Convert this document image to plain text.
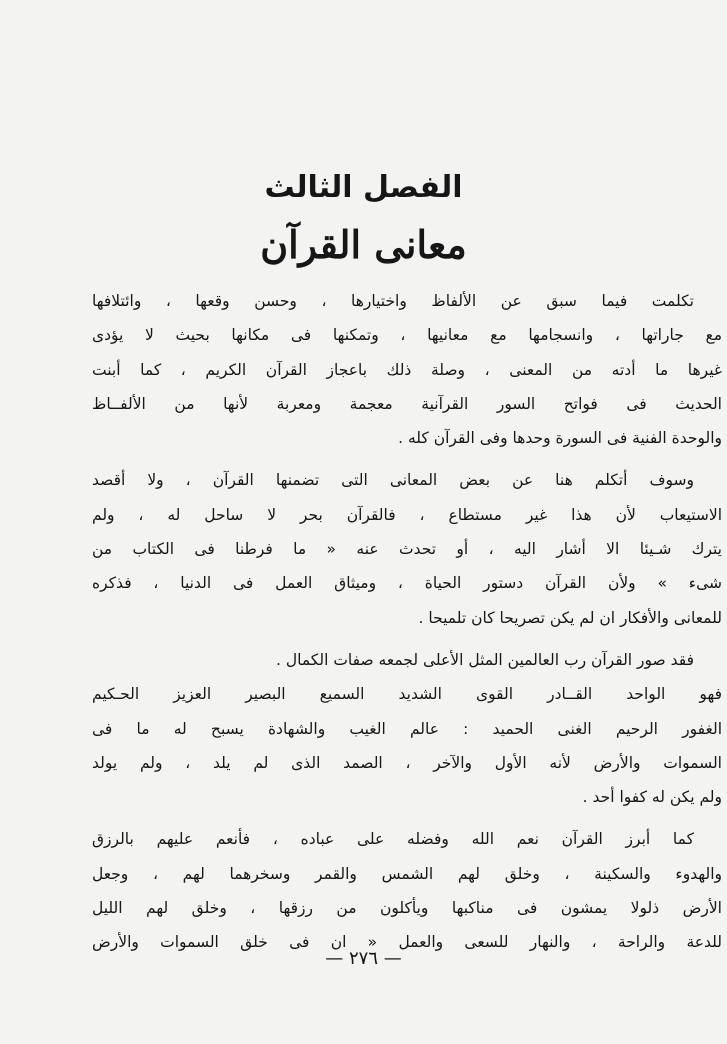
الفصل الثالث
معانى القرآن
تكلمت فيما سبق عن الألفاظ واختيارها ، وحسن وقعها ، وائتلافها
مع جاراتها ، وانسجامها مع معانيها ، وتمكنها فى مكانها بحيث لا يؤدى
غيرها ما أدته من المعنى ، وصلة ذلك باعجاز القرآن الكريم ، كما أبنت
الحديث فى فواتح السور القرآنية معجمة ومعربة لأنها من الألفــاظ
والوحدة الفنية فى السورة وحدها وفى القرآن كله .
وسوف أتكلم هنا عن بعض المعانى التى تضمنها القرآن ، ولا أقصد
الاستيعاب لأن هذا غير مستطاع ، فالقرآن بحر لا ساحل له ، ولم
يترك شـيئا الا أشار اليه ، أو تحدث عنه « ما فرطنا فى الكتاب من
شىء » ولأن القرآن دستور الحياة ، وميثاق العمل فى الدنيا ، فذكره
للمعانى والأفكار ان لم يكن تصريحا كان تلميحا .
فقد صور القرآن رب العالمين المثل الأعلى لجمعه صفات الكمال .
فهو الواحد القــادر القوى الشديد السميع البصير العزيز الحـكيم
الغفور الرحيم الغنى الحميد : عالم الغيب والشهادة يسبح له ما فى
السموات والأرض لأنه الأول والآخر ، الصمد الذى لم يلد ، ولم يولد
ولم يكن له كفوا أحد .
كما أبرز القرآن نعم الله وفضله على عباده ، فأنعم عليهم بالرزق
والهدوء والسكينة ، وخلق لهم الشمس والقمر وسخرهما لهم ، وجعل
الأرض ذلولا يمشون فى مناكبها ويأكلون من رزقها ، وخلق لهم الليل
للدعة والراحة ، والنهار للسعى والعمل « ان فى خلق السموات والأرض
— ٢٧٦ —
